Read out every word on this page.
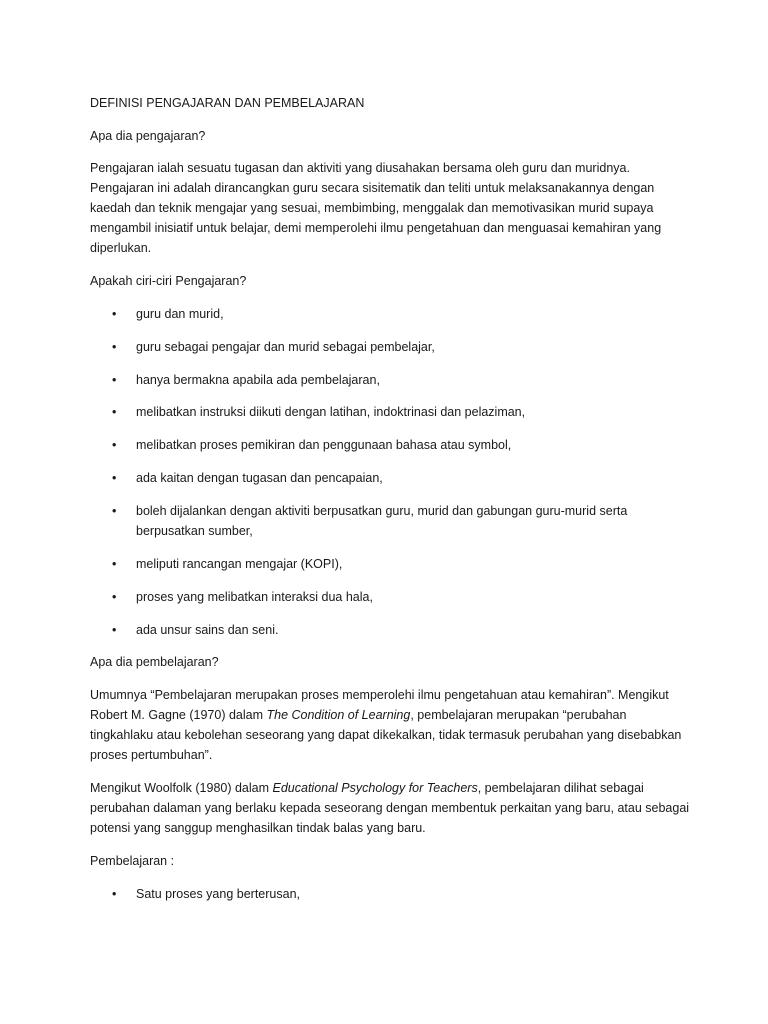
DEFINISI PENGAJARAN DAN PEMBELAJARAN

Apa dia pengajaran?

Pengajaran ialah sesuatu tugasan dan aktiviti yang diusahakan bersama oleh guru dan muridnya. Pengajaran ini adalah dirancangkan guru secara sisitematik dan teliti untuk melaksanakannya dengan kaedah dan teknik mengajar yang sesuai, membimbing, menggalak dan memotivasikan murid supaya mengambil inisiatif untuk belajar, demi memperolehi ilmu pengetahuan dan menguasai kemahiran yang diperlukan.

Apakah ciri-ciri Pengajaran?

•	guru dan murid,
•	guru sebagai pengajar dan murid sebagai pembelajar,
•	hanya bermakna apabila ada pembelajaran,
•	melibatkan instruksi diikuti dengan latihan, indoktrinasi dan pelaziman,
•	melibatkan proses pemikiran dan penggunaan bahasa atau symbol,
•	ada kaitan dengan tugasan dan pencapaian,
•	boleh dijalankan dengan aktiviti berpusatkan guru, murid dan gabungan guru-murid serta berpusatkan sumber,
•	meliputi rancangan mengajar (KOPI),
•	proses yang melibatkan interaksi dua hala,
•	ada unsur sains dan seni.

Apa dia pembelajaran?

Umumnya “Pembelajaran merupakan proses memperolehi ilmu pengetahuan atau kemahiran”. Mengikut Robert M. Gagne (1970) dalam The Condition of Learning, pembelajaran merupakan “perubahan tingkahlaku atau kebolehan seseorang yang dapat dikekalkan, tidak termasuk perubahan yang disebabkan proses pertumbuhan”.

Mengikut Woolfolk (1980) dalam Educational Psychology for Teachers, pembelajaran dilihat sebagai perubahan dalaman yang berlaku kepada seseorang dengan membentuk perkaitan yang baru, atau sebagai potensi yang sanggup menghasilkan tindak balas yang baru.

Pembelajaran :

•	Satu proses yang berterusan,
